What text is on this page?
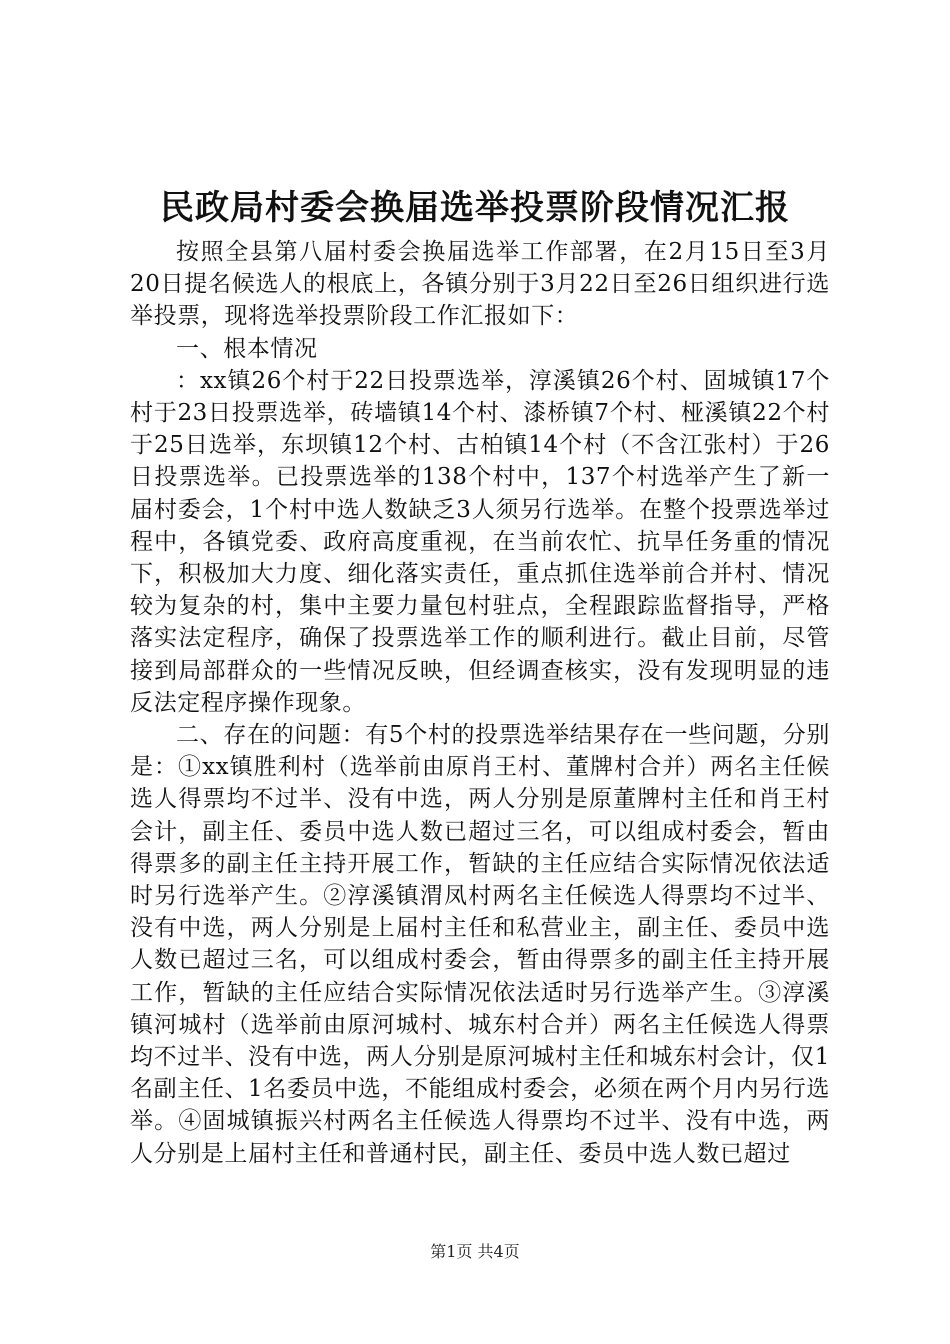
民政局村委会换届选举投票阶段情况汇报

按照全县第八届村委会换届选举工作部署，在2月15日至3月20日提名候选人的根底上，各镇分别于3月22日至26日组织进行选举投票，现将选举投票阶段工作汇报如下：

一、根本情况

：xx镇26个村于22日投票选举，淳溪镇26个村、固城镇17个村于23日投票选举，砖墙镇14个村、漆桥镇7个村、桠溪镇22个村于25日选举，东坝镇12个村、古柏镇14个村（不含江张村）于26日投票选举。已投票选举的138个村中，137个村选举产生了新一届村委会，1个村中选人数缺乏3人须另行选举。在整个投票选举过程中，各镇党委、政府高度重视，在当前农忙、抗旱任务重的情况下，积极加大力度、细化落实责任，重点抓住选举前合并村、情况较为复杂的村，集中主要力量包村驻点，全程跟踪监督指导，严格落实法定程序，确保了投票选举工作的顺利进行。截止目前，尽管接到局部群众的一些情况反映，但经调查核实，没有发现明显的违反法定程序操作现象。

二、存在的问题：有5个村的投票选举结果存在一些问题，分别是：①xx镇胜利村（选举前由原肖王村、董牌村合并）两名主任候选人得票均不过半、没有中选，两人分别是原董牌村主任和肖王村会计，副主任、委员中选人数已超过三名，可以组成村委会，暂由得票多的副主任主持开展工作，暂缺的主任应结合实际情况依法适时另行选举产生。②淳溪镇渭凤村两名主任候选人得票均不过半、没有中选，两人分别是上届村主任和私营业主，副主任、委员中选人数已超过三名，可以组成村委会，暂由得票多的副主任主持开展工作，暂缺的主任应结合实际情况依法适时另行选举产生。③淳溪镇河城村（选举前由原河城村、城东村合并）两名主任候选人得票均不过半、没有中选，两人分别是原河城村主任和城东村会计，仅1名副主任、1名委员中选，不能组成村委会，必须在两个月内另行选举。④固城镇振兴村两名主任候选人得票均不过半、没有中选，两人分别是上届村主任和普通村民，副主任、委员中选人数已超过

第1页 共4页
